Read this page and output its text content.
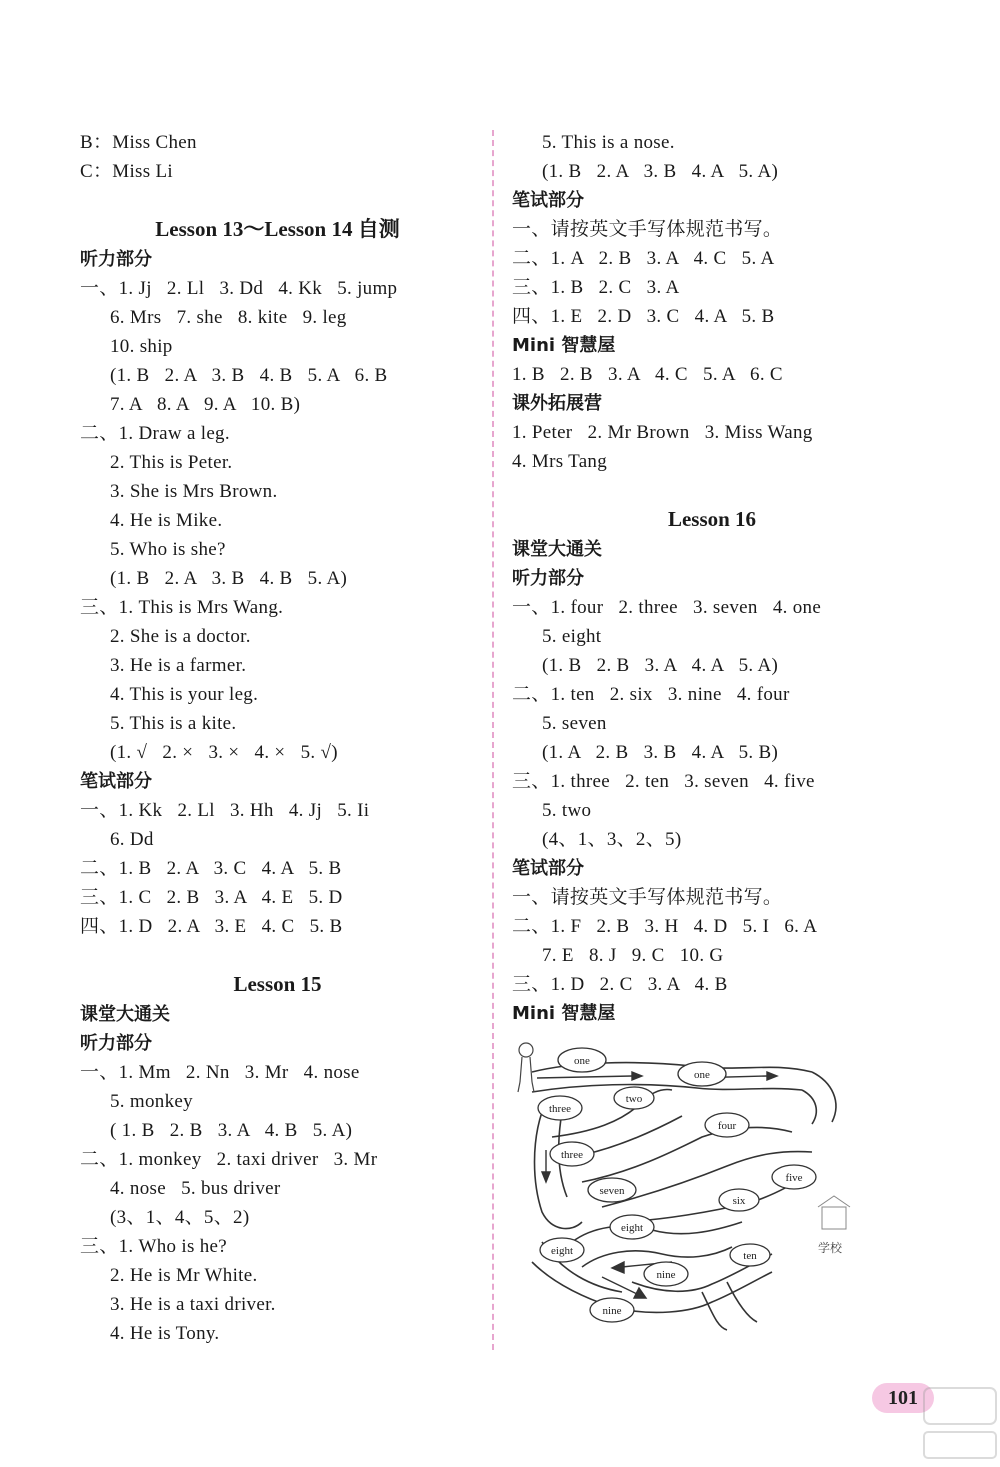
B：Miss Chen
C：Miss Li
Lesson 13～Lesson 14 自测
听力部分
一、1. Jj   2. Ll   3. Dd   4. Kk   5. jump
6. Mrs   7. she   8. kite   9. leg
10. ship
(1. B   2. A   3. B   4. B   5. A   6. B
7. A   8. A   9. A   10. B)
二、1. Draw a leg.
2. This is Peter.
3. She is Mrs Brown.
4. He is Mike.
5. Who is she?
(1. B   2. A   3. B   4. B   5. A)
三、1. This is Mrs Wang.
2. She is a doctor.
3. He is a farmer.
4. This is your leg.
5. This is a kite.
(1. √   2. ×   3. ×   4. ×   5. √)
笔试部分
一、1. Kk   2. Ll   3. Hh   4. Jj   5. Ii
6. Dd
二、1. B   2. A   3. C   4. A   5. B
三、1. C   2. B   3. A   4. E   5. D
四、1. D   2. A   3. E   4. C   5. B
Lesson 15
课堂大通关
听力部分
一、1. Mm   2. Nn   3. Mr   4. nose
5. monkey
( 1. B   2. B   3. A   4. B   5. A)
二、1. monkey   2. taxi driver   3. Mr
4. nose   5. bus driver
(3、1、4、5、2)
三、1. Who is he?
2. He is Mr White.
3. He is a taxi driver.
4. He is Tony.
5. This is a nose.
(1. B   2. A   3. B   4. A   5. A)
笔试部分
一、请按英文手写体规范书写。
二、1. A   2. B   3. A   4. C   5. A
三、1. B   2. C   3. A
四、1. E   2. D   3. C   4. A   5. B
Mini 智慧屋
1. B   2. B   3. A   4. C   5. A   6. C
课外拓展营
1. Peter   2. Mr Brown   3. Miss Wang
4. Mrs Tang
Lesson 16
课堂大通关
听力部分
一、1. four   2. three   3. seven   4. one
5. eight
(1. B   2. B   3. A   4. A   5. A)
二、1. ten   2. six   3. nine   4. four
5. seven
(1. A   2. B   3. B   4. A   5. B)
三、1. three   2. ten   3. seven   4. five
5. two
(4、1、3、2、5)
笔试部分
一、请按英文手写体规范书写。
二、1. F   2. B   3. H   4. D   5. I   6. A
7. E   8. J   9. C   10. G
三、1. D   2. C   3. A   4. B
Mini 智慧屋
one
one
three
two
four
three
five
seven
six
eight
eight	ten
nine
nine
学校
101
